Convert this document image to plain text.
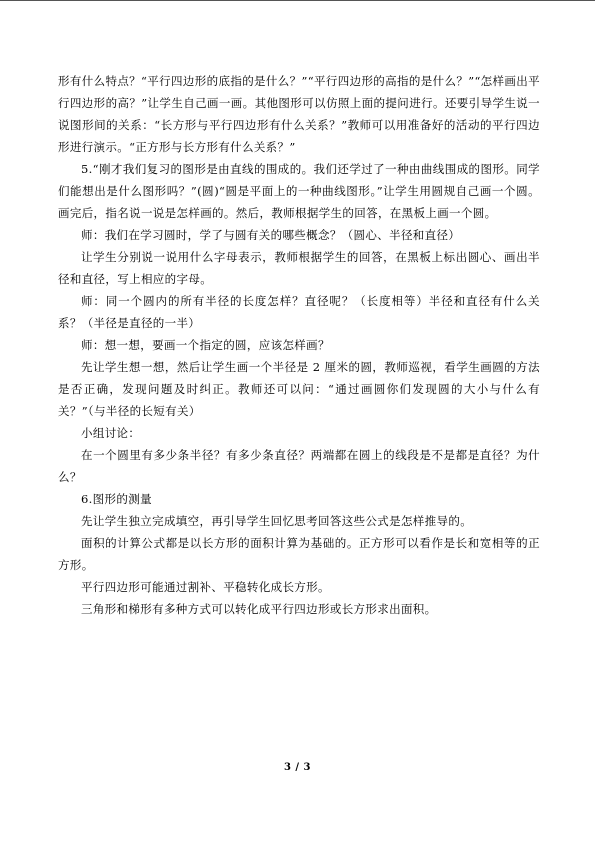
形有什么特点？“平行四边形的底指的是什么？”“平行四边形的高指的是什么？”“怎样画出平行四边形的高？”让学生自己画一画。其他图形可以仿照上面的提问进行。还要引导学生说一说图形间的关系：“长方形与平行四边形有什么关系？”教师可以用准备好的活动的平行四边形进行演示。“正方形与长方形有什么关系？”

5.“刚才我们复习的图形是由直线的围成的。我们还学过了一种由曲线围成的图形。同学们能想出是什么图形吗？”(圆)“圆是平面上的一种曲线图形。”让学生用圆规自己画一个圆。画完后，指名说一说是怎样画的。然后，教师根据学生的回答，在黑板上画一个圆。

师：我们在学习圆时，学了与圆有关的哪些概念？（圆心、半径和直径）

让学生分别说一说用什么字母表示，教师根据学生的回答，在黑板上标出圆心、画出半径和直径，写上相应的字母。

师：同一个圆内的所有半径的长度怎样？直径呢？（长度相等）半径和直径有什么关系？（半径是直径的一半）

师：想一想，要画一个指定的圆，应该怎样画？

先让学生想一想，然后让学生画一个半径是 2 厘米的圆，教师巡视，看学生画圆的方法是否正确，发现问题及时纠正。教师还可以问：“通过画圆你们发现圆的大小与什么有关？”（与半径的长短有关）

小组讨论：

在一个圆里有多少条半径？有多少条直径？两端都在圆上的线段是不是都是直径？为什么？

6.图形的测量

先让学生独立完成填空，再引导学生回忆思考回答这些公式是怎样推导的。

面积的计算公式都是以长方形的面积计算为基础的。正方形可以看作是长和宽相等的正方形。

平行四边形可能通过割补、平稳转化成长方形。

三角形和梯形有多种方式可以转化成平行四边形或长方形求出面积。

3 / 3
